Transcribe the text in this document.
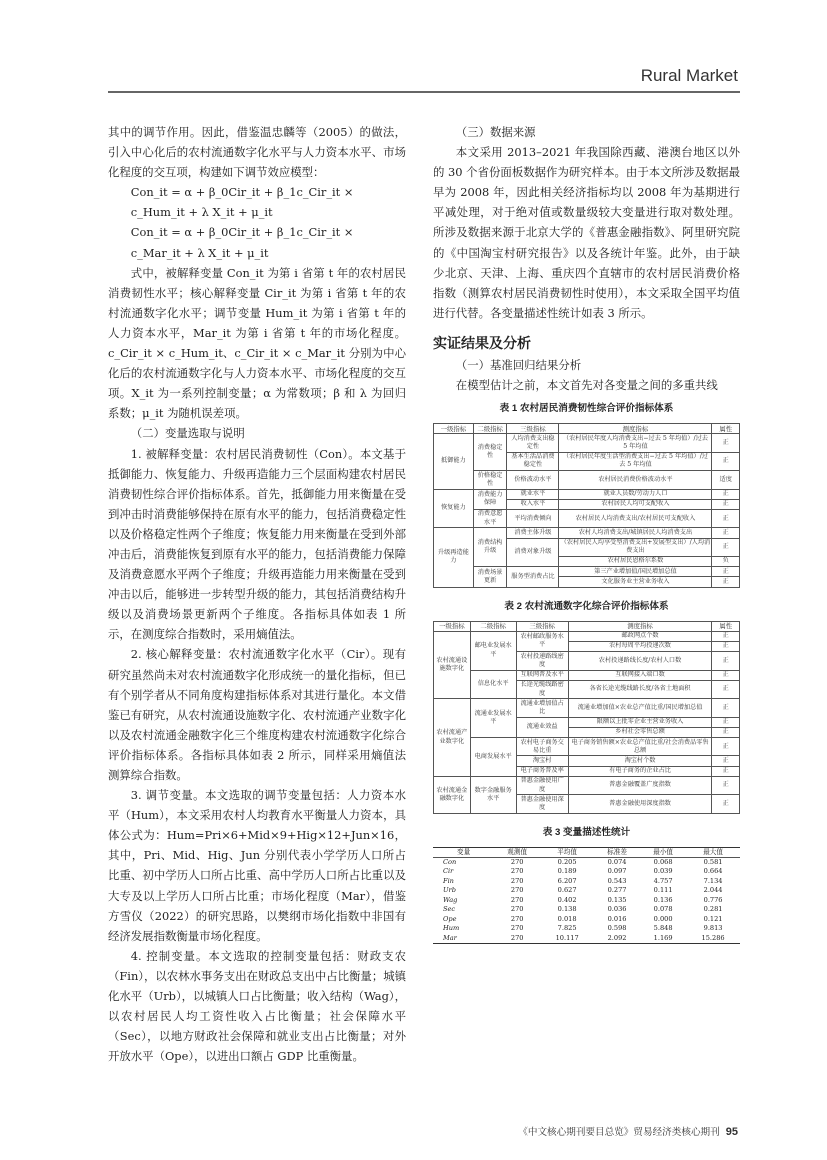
Rural Market

其中的调节作用。因此，借鉴温忠麟等（2005）的做法，引入中心化后的农村流通数字化水平与人力资本水平、市场化程度的交互项，构建如下调节效应模型：

Con_it = α + β_0Cir_it + β_1c_Cir_it × c_Hum_it + λ X_it + μ_it

Con_it = α + β_0Cir_it + β_1c_Cir_it × c_Mar_it + λ X_it + μ_it

式中，被解释变量 Con_it 为第 i 省第 t 年的农村居民消费韧性水平；核心解释变量 Cir_it 为第 i 省第 t 年的农村流通数字化水平；调节变量 Hum_it 为第 i 省第 t 年的人力资本水平，Mar_it 为第 i 省第 t 年的市场化程度。c_Cir_it × c_Hum_it、c_Cir_it × c_Mar_it 分别为中心化后的农村流通数字化与人力资本水平、市场化程度的交互项。X_it 为一系列控制变量；α 为常数项；β 和 λ 为回归系数；μ_it 为随机误差项。

（二）变量选取与说明

1. 被解释变量：农村居民消费韧性（Con）。本文基于抵御能力、恢复能力、升级再造能力三个层面构建农村居民消费韧性综合评价指标体系。首先，抵御能力用来衡量在受到冲击时消费能够保持在原有水平的能力，包括消费稳定性以及价格稳定性两个子维度；恢复能力用来衡量在受到外部冲击后，消费能恢复到原有水平的能力，包括消费能力保障及消费意愿水平两个子维度；升级再造能力用来衡量在受到冲击以后，能够进一步转型升级的能力，其包括消费结构升级以及消费场景更新两个子维度。各指标具体如表 1 所示，在测度综合指数时，采用熵值法。

2. 核心解释变量：农村流通数字化水平（Cir）。现有研究虽然尚未对农村流通数字化形成统一的量化指标，但已有个别学者从不同角度构建指标体系对其进行量化。本文借鉴已有研究，从农村流通设施数字化、农村流通产业数字化以及农村流通金融数字化三个维度构建农村流通数字化综合评价指标体系。各指标具体如表 2 所示，同样采用熵值法测算综合指数。

3. 调节变量。本文选取的调节变量包括：人力资本水平（Hum），本文采用农村人均教育水平衡量人力资本，具体公式为：Hum=Pri×6+Mid×9+Hig×12+Jun×16，其中，Pri、Mid、Hig、Jun 分别代表小学学历人口所占比重、初中学历人口所占比重、高中学历人口所占比重以及大专及以上学历人口所占比重；市场化程度（Mar），借鉴方雪仪（2022）的研究思路，以樊纲市场化指数中非国有经济发展指数衡量市场化程度。

4. 控制变量。本文选取的控制变量包括：财政支农（Fin），以农林水事务支出在财政总支出中占比衡量；城镇化水平（Urb），以城镇人口占比衡量；收入结构（Wag），以农村居民人均工资性收入占比衡量；社会保障水平（Sec），以地方财政社会保障和就业支出占比衡量；对外开放水平（Ope），以进出口额占 GDP 比重衡量。

（三）数据来源

本文采用 2013–2021 年我国除西藏、港澳台地区以外的 30 个省份面板数据作为研究样本。由于本文所涉及数据最早为 2008 年，因此相关经济指标均以 2008 年为基期进行平减处理，对于绝对值或数量级较大变量进行取对数处理。所涉及数据来源于北京大学的《普惠金融指数》、阿里研究院的《中国淘宝村研究报告》以及各统计年鉴。此外，由于缺少北京、天津、上海、重庆四个直辖市的农村居民消费价格指数（测算农村居民消费韧性时使用），本文采取全国平均值进行代替。各变量描述性统计如表 3 所示。

实证结果及分析

（一）基准回归结果分析

在模型估计之前，本文首先对各变量之间的多重共线

表 1 农村居民消费韧性综合评价指标体系
一级指标	二级指标	三级指标	测度指标	属性
抵御能力	消费稳定性	人均消费支出稳定性	（农村居民年度人均消费支出−过去 5 年均值）/过去 5 年均值	正
		基本生活品消费稳定性	（农村居民年度生活型消费支出−过去 5 年均值）/过去 5 年均值	正
	价格稳定性	价格波动水平	农村居民消费价格波动水平	适度
恢复能力	消费能力保障	就业水平	就业人员数/劳动力人口	正
		收入水平	农村居民人均可支配收入	正
	消费意愿水平	平均消费倾向	农村居民人均消费支出/农村居民可支配收入	正
升级再造能力	消费结构升级	消费主体升级	农村人均消费支出/城镇居民人均消费支出	正
		消费对象升级	（农村居民人均享受型消费支出+发展型支出）/人均消费支出	正
			农村居民恩格尔系数	负
	消费场景更新	服务型消费占比	第三产业增加值/国民增加总值	正
			文化服务业主营业务收入	正
表 2 农村流通数字化综合评价指标体系
一级指标	二级指标	三级指标	测度指标	属性
农村流通设施数字化	邮电业发展水平	农村邮政服务水平	邮政网点个数	正
			农村每周平均投递次数	正
		农村投递路线密度	农村投递路线长度/农村人口数	正
	信息化水平	互联网普及水平	互联网接入端口数	正
		长途光缆线路密度	各省长途光缆线路长度/各省土地面积	正
农村流通产业数字化	流通业发展水平	流通业增加值占比	流通业增加值×农业总产值比重/国民增加总值	正
		流通业效益	限额以上批零企业主营业务收入	正
			乡村社会零售总额	正
	电商发展水平	农村电子商务交易比重	电子商务销售额×农业总产值比重/社会消费品零售总额	正
		淘宝村	淘宝村个数	正
		电子商务普及率	有电子商务的企业占比	正
农村流通金融数字化	数字金融服务水平	普惠金融使用广度	普惠金融覆盖广度指数	正
		普惠金融使用深度	普惠金融使用深度指数	正
表 3 变量描述性统计
变量	观测值	平均值	标准差	最小值	最大值
Con	270	0.205	0.074	0.068	0.581
Cir	270	0.189	0.097	0.039	0.664
Fin	270	6.207	0.543	4.757	7.134
Urb	270	0.627	0.277	0.111	2.044
Wag	270	0.402	0.135	0.136	0.776
Sec	270	0.138	0.036	0.078	0.281
Ope	270	0.018	0.016	0.000	0.121
Hum	270	7.825	0.598	5.848	9.813
Mar	270	10.117	2.092	1.169	15.286
《中文核心期刊要目总览》贸易经济类核心期刊 95
